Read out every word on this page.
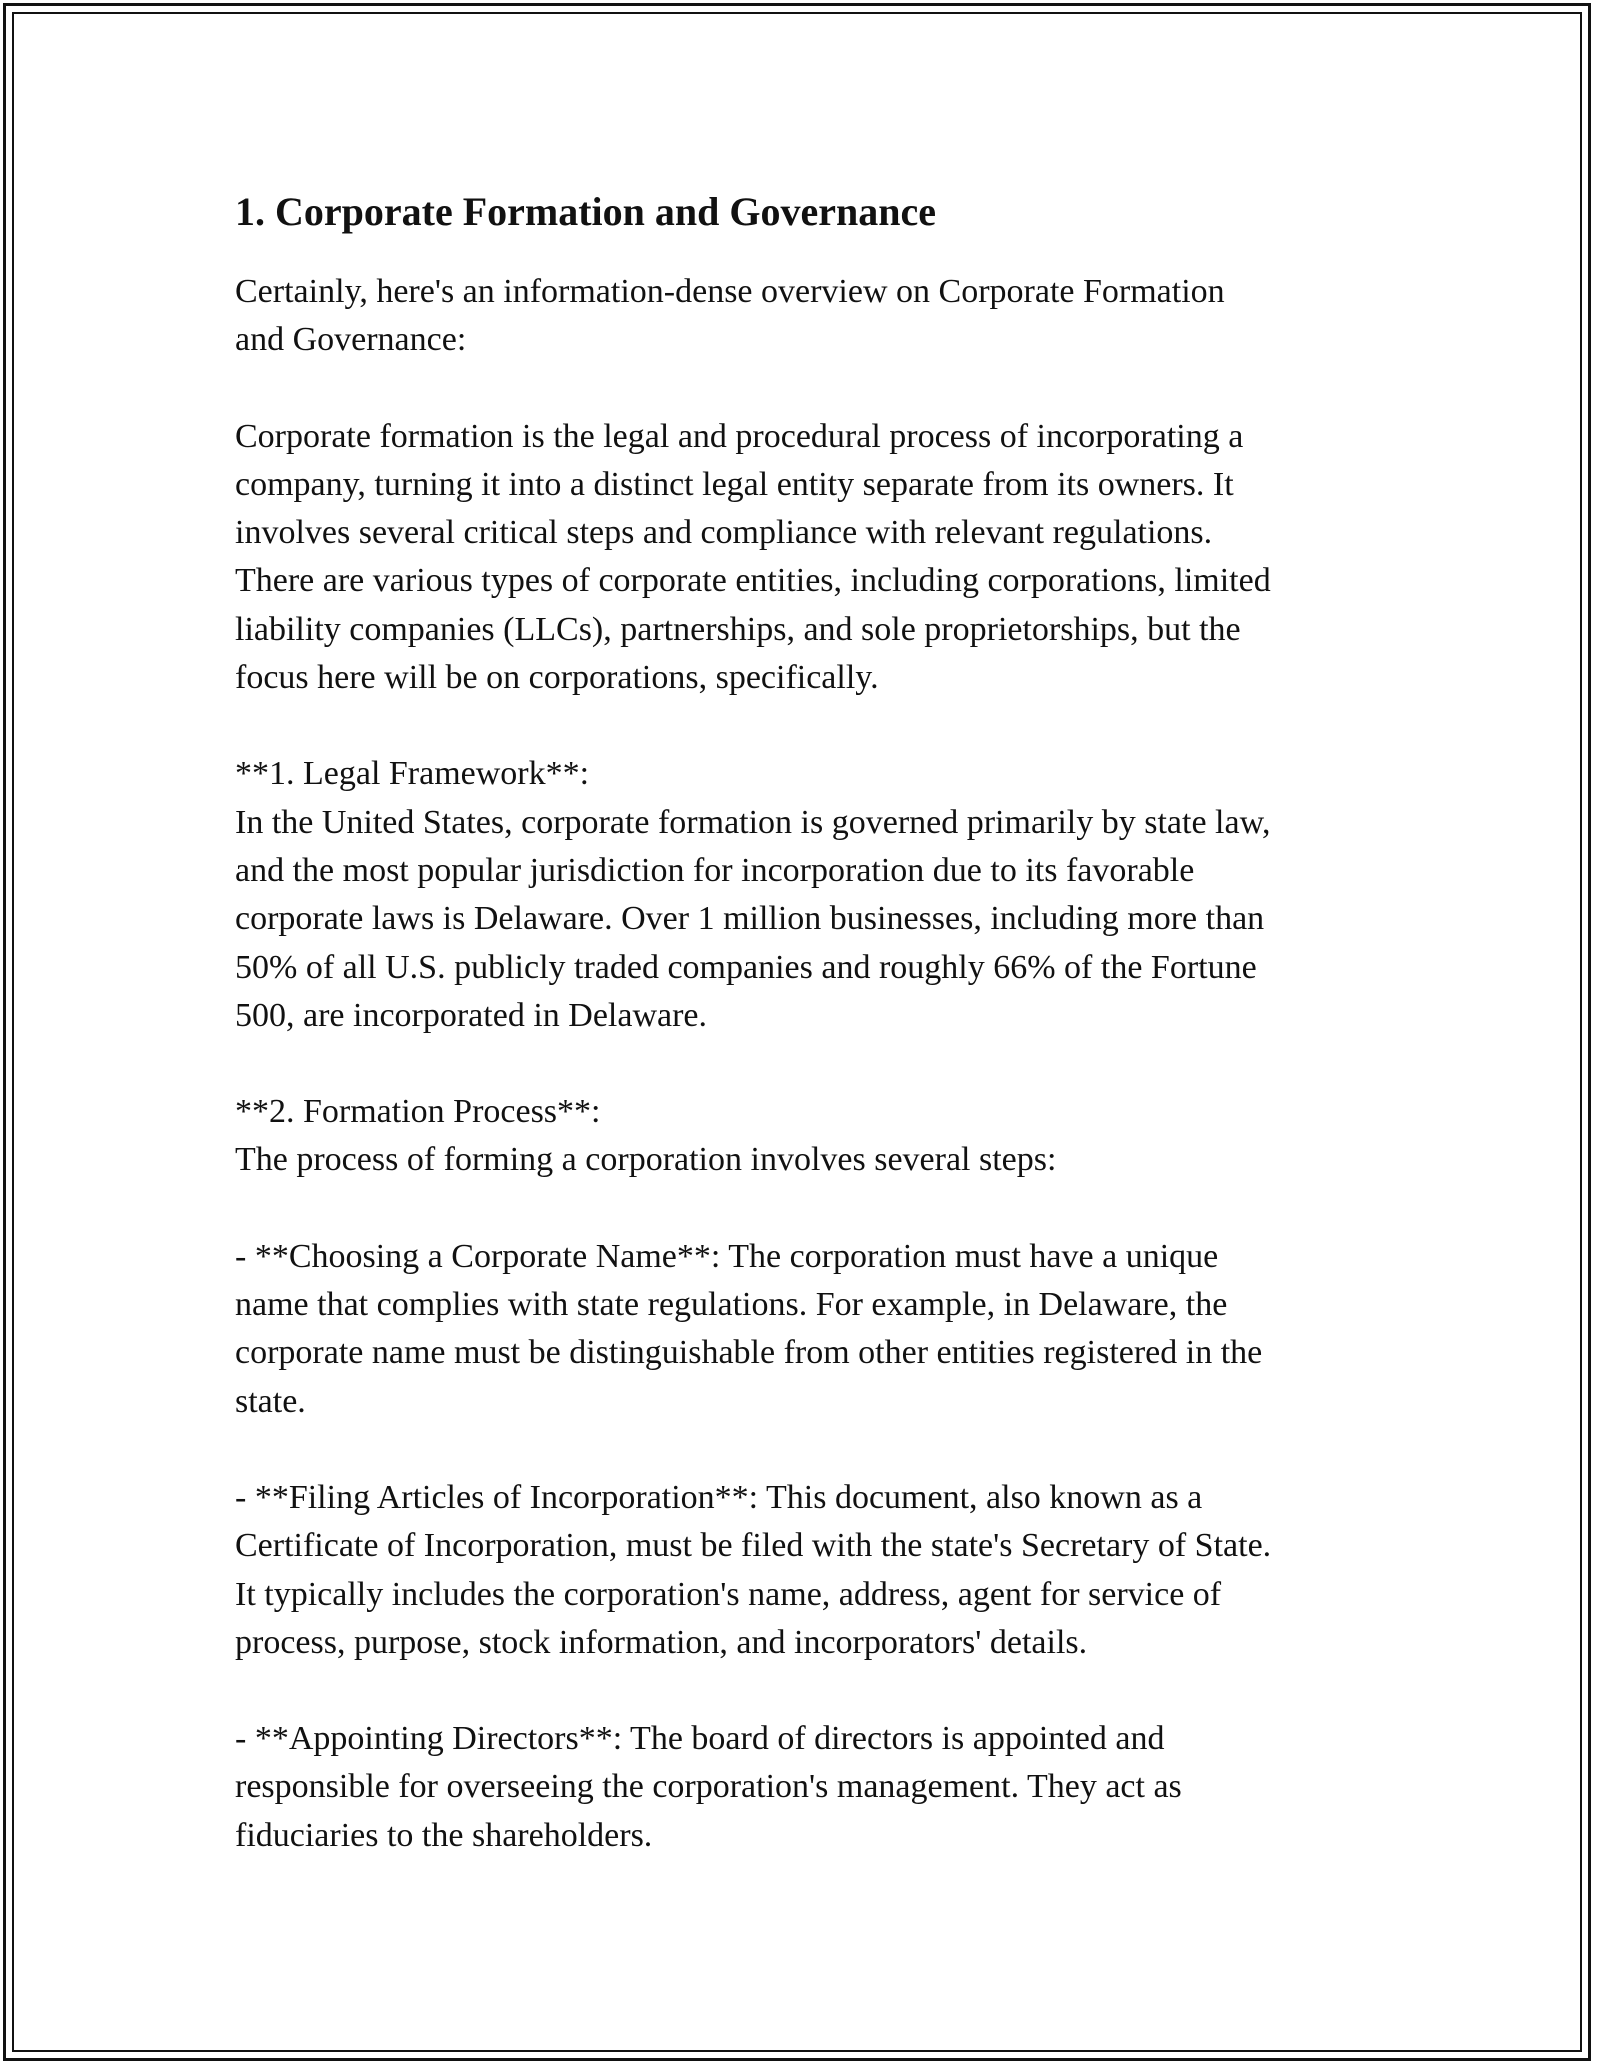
1. Corporate Formation and Governance

Certainly, here's an information-dense overview on Corporate Formation
and Governance:

Corporate formation is the legal and procedural process of incorporating a
company, turning it into a distinct legal entity separate from its owners. It
involves several critical steps and compliance with relevant regulations.
There are various types of corporate entities, including corporations, limited
liability companies (LLCs), partnerships, and sole proprietorships, but the
focus here will be on corporations, specifically.

**1. Legal Framework**:
In the United States, corporate formation is governed primarily by state law,
and the most popular jurisdiction for incorporation due to its favorable
corporate laws is Delaware. Over 1 million businesses, including more than
50% of all U.S. publicly traded companies and roughly 66% of the Fortune
500, are incorporated in Delaware.

**2. Formation Process**:
The process of forming a corporation involves several steps:

- **Choosing a Corporate Name**: The corporation must have a unique
name that complies with state regulations. For example, in Delaware, the
corporate name must be distinguishable from other entities registered in the
state.

- **Filing Articles of Incorporation**: This document, also known as a
Certificate of Incorporation, must be filed with the state's Secretary of State.
It typically includes the corporation's name, address, agent for service of
process, purpose, stock information, and incorporators' details.

- **Appointing Directors**: The board of directors is appointed and
responsible for overseeing the corporation's management. They act as
fiduciaries to the shareholders.
